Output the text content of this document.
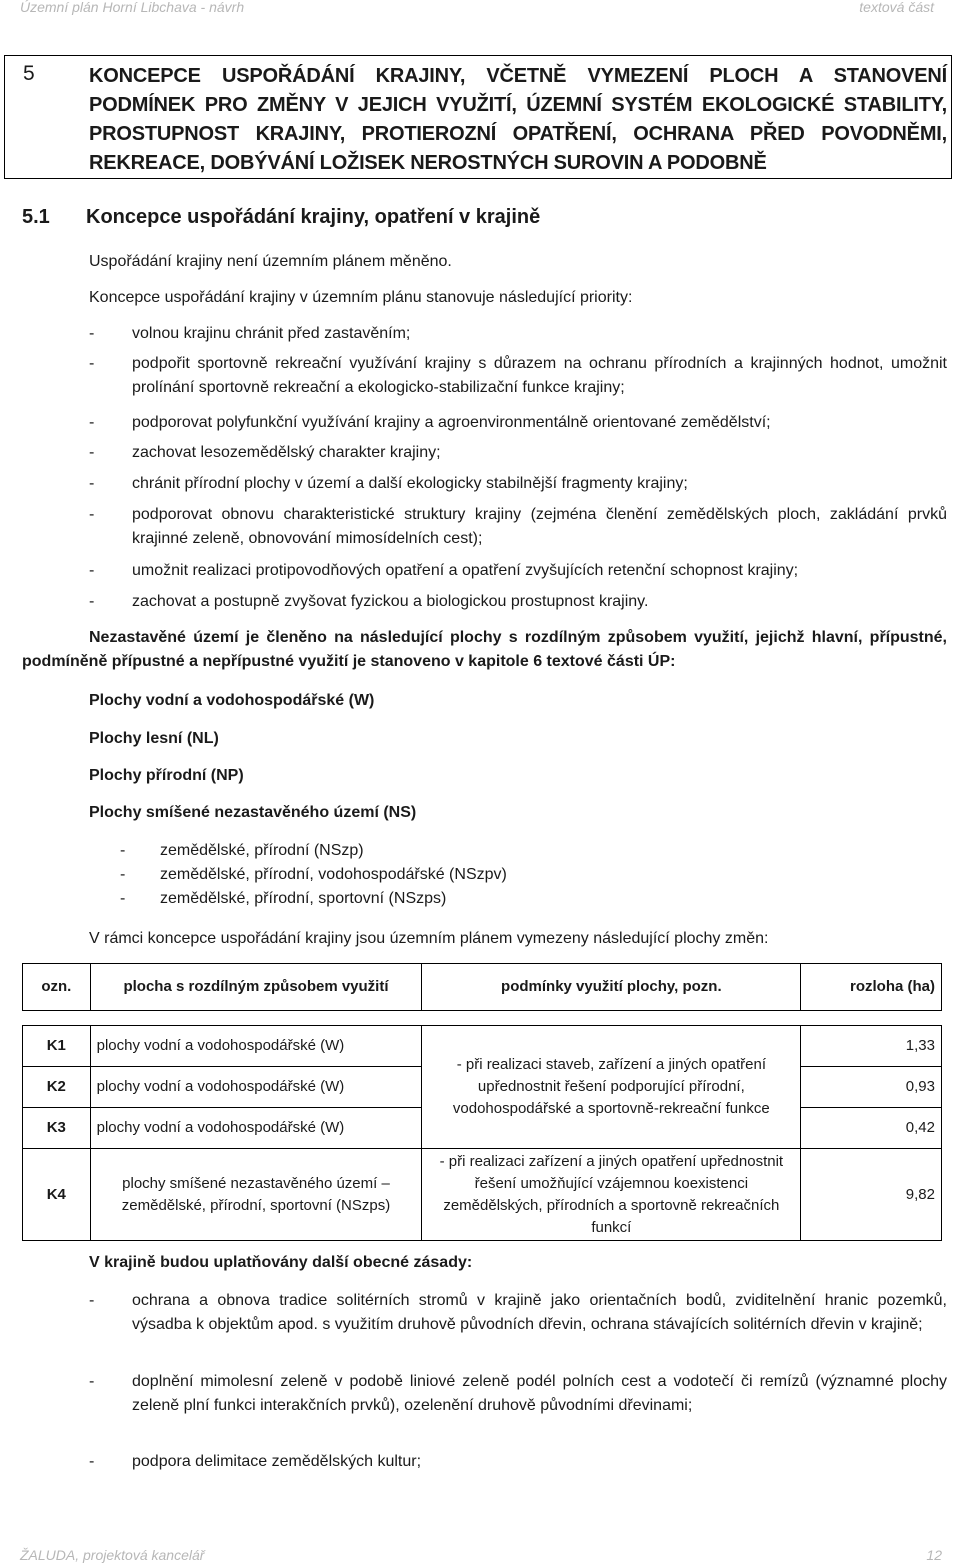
Územní plán Horní Libchava - návrh	textová část
5	KONCEPCE USPOŘÁDÁNÍ KRAJINY, VČETNĚ VYMEZENÍ PLOCH A STANOVENÍ PODMÍNEK PRO ZMĚNY V JEJICH VYUŽITÍ, ÚZEMNÍ SYSTÉM EKOLOGICKÉ STABILITY, PROSTUPNOST KRAJINY, PROTIEROZNÍ OPATŘENÍ, OCHRANA PŘED POVODNĚMI, REKREACE, DOBÝVÁNÍ LOŽISEK NEROSTNÝCH SUROVIN A PODOBNĚ
5.1 Koncepce uspořádání krajiny, opatření v krajině
Uspořádání krajiny není územním plánem měněno.
Koncepce uspořádání krajiny v územním plánu stanovuje následující priority:
- volnou krajinu chránit před zastavěním;
- podpořit sportovně rekreační využívání krajiny s důrazem na ochranu přírodních a krajinných hodnot, umožnit prolínání sportovně rekreační a ekologicko-stabilizační funkce krajiny;
- podporovat polyfunkční využívání krajiny a agroenvironmentálně orientované zemědělství;
- zachovat lesozemědělský charakter krajiny;
- chránit přírodní plochy v území a další ekologicky stabilnější fragmenty krajiny;
- podporovat obnovu charakteristické struktury krajiny (zejména členění zemědělských ploch, zakládání prvků krajinné zeleně, obnovování mimosídelních cest);
- umožnit realizaci protipovodňových opatření a opatření zvyšujících retenční schopnost krajiny;
- zachovat a postupně zvyšovat fyzickou a biologickou prostupnost krajiny.
Nezastavěné území je členěno na následující plochy s rozdílným způsobem využití, jejichž hlavní, přípustné, podmíněně přípustné a nepřípustné využití je stanoveno v kapitole 6 textové části ÚP:
Plochy vodní a vodohospodářské (W)
Plochy lesní (NL)
Plochy přírodní (NP)
Plochy smíšené nezastavěného území (NS)
- zemědělské, přírodní (NSzp)
- zemědělské, přírodní, vodohospodářské (NSzpv)
- zemědělské, přírodní, sportovní (NSzps)
V rámci koncepce uspořádání krajiny jsou územním plánem vymezeny následující plochy změn:
ozn.	plocha s rozdílným způsobem využití	podmínky využití plochy, pozn.	rozloha (ha)

K1	plochy vodní a vodohospodářské (W)	- při realizaci staveb, zařízení a jiných opatření upřednostnit řešení podporující přírodní, vodohospodářské a sportovně-rekreační funkce	1,33
K2	plochy vodní a vodohospodářské (W)		0,93
K3	plochy vodní a vodohospodářské (W)		0,42
K4	plochy smíšené nezastavěného území – zemědělské, přírodní, sportovní (NSzps)	- při realizaci zařízení a jiných opatření upřednostnit řešení umožňující vzájemnou koexistenci zemědělských, přírodních a sportovně rekreačních funkcí	9,82
V krajině budou uplatňovány další obecné zásady:
- ochrana a obnova tradice solitérních stromů v krajině jako orientačních bodů, zviditelnění hranic pozemků, výsadba k objektům apod. s využitím druhově původních dřevin, ochrana stávajících solitérních dřevin v krajině;
- doplnění mimolesní zeleně v podobě liniové zeleně podél polních cest a vodotečí či remízů (významné plochy zeleně plní funkci interakčních prvků), ozelenění druhově původními dřevinami;
- podpora delimitace zemědělských kultur;
ŽALUDA, projektová kancelář	12
